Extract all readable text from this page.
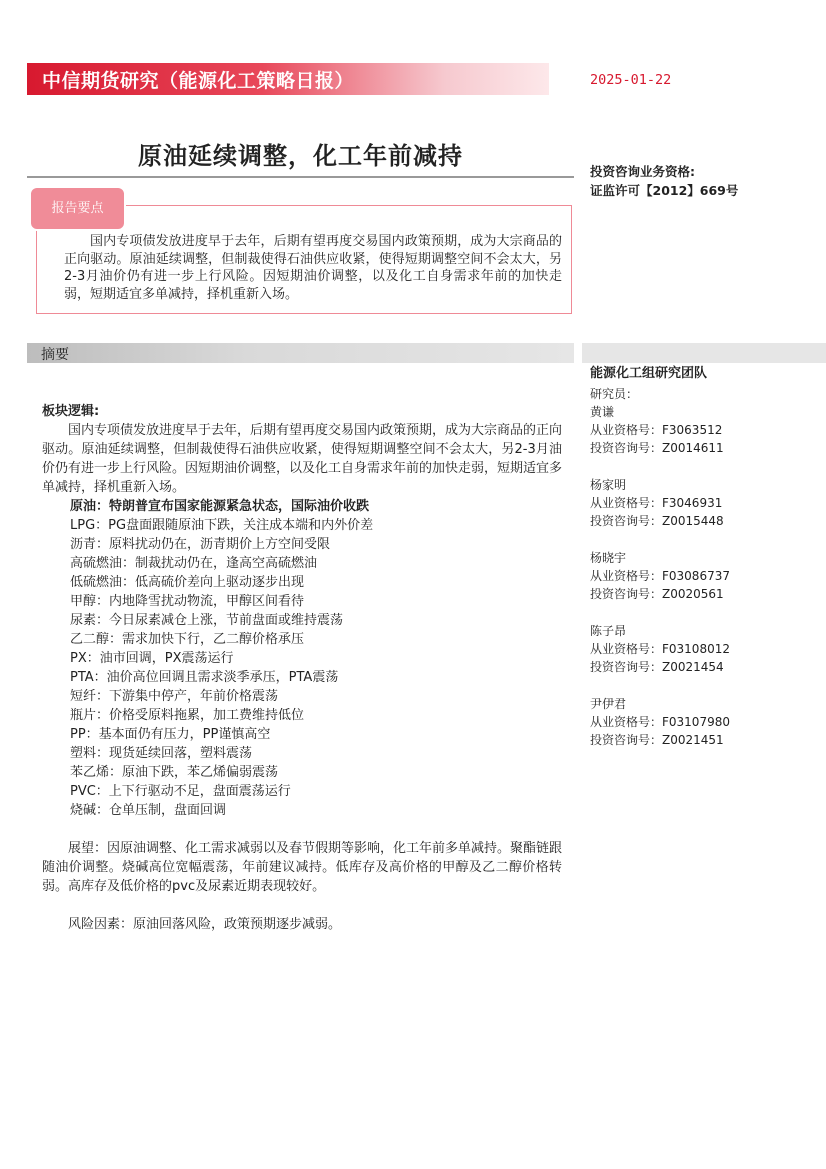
中信期货研究（能源化工策略日报）	2025-01-22
原油延续调整，化工年前减持
投资咨询业务资格:
证监许可【2012】669号
报告要点
国内专项债发放进度早于去年，后期有望再度交易国内政策预期，成为大宗商品的正向驱动。原油延续调整，但制裁使得石油供应收紧，使得短期调整空间不会太大，另2-3月油价仍有进一步上行风险。因短期油价调整，以及化工自身需求年前的加快走弱，短期适宜多单减持，择机重新入场。
摘要
能源化工组研究团队
研究员：
黄谦
从业资格号：F3063512
投资咨询号：Z0014611
杨家明
从业资格号：F3046931
投资咨询号：Z0015448
杨晓宇
从业资格号：F03086737
投资咨询号：Z0020561
陈子昂
从业资格号：F03108012
投资咨询号：Z0021454
尹伊君
从业资格号：F03107980
投资咨询号：Z0021451

板块逻辑:

国内专项债发放进度早于去年，后期有望再度交易国内政策预期，成为大宗商品的正向驱动。原油延续调整，但制裁使得石油供应收紧，使得短期调整空间不会太大，另2-3月油价仍有进一步上行风险。因短期油价调整，以及化工自身需求年前的加快走弱，短期适宜多单减持，择机重新入场。

原油：特朗普宣布国家能源紧急状态，国际油价收跌

LPG：PG盘面跟随原油下跌，关注成本端和内外价差

沥青：原料扰动仍在，沥青期价上方空间受限

高硫燃油：制裁扰动仍在，逢高空高硫燃油

低硫燃油：低高硫价差向上驱动逐步出现

甲醇：内地降雪扰动物流，甲醇区间看待

尿素：今日尿素减仓上涨，节前盘面或维持震荡

乙二醇：需求加快下行，乙二醇价格承压

PX：油市回调，PX震荡运行

PTA：油价高位回调且需求淡季承压，PTA震荡

短纤：下游集中停产，年前价格震荡

瓶片：价格受原料拖累，加工费维持低位

PP：基本面仍有压力，PP谨慎高空

塑料：现货延续回落，塑料震荡

苯乙烯：原油下跌，苯乙烯偏弱震荡

PVC：上下行驱动不足，盘面震荡运行

烧碱：仓单压制，盘面回调

展望：因原油调整、化工需求减弱以及春节假期等影响，化工年前多单减持。聚酯链跟随油价调整。烧碱高位宽幅震荡，年前建议减持。低库存及高价格的甲醇及乙二醇价格转弱。高库存及低价格的pvc及尿素近期表现较好。

风险因素：原油回落风险，政策预期逐步减弱。
